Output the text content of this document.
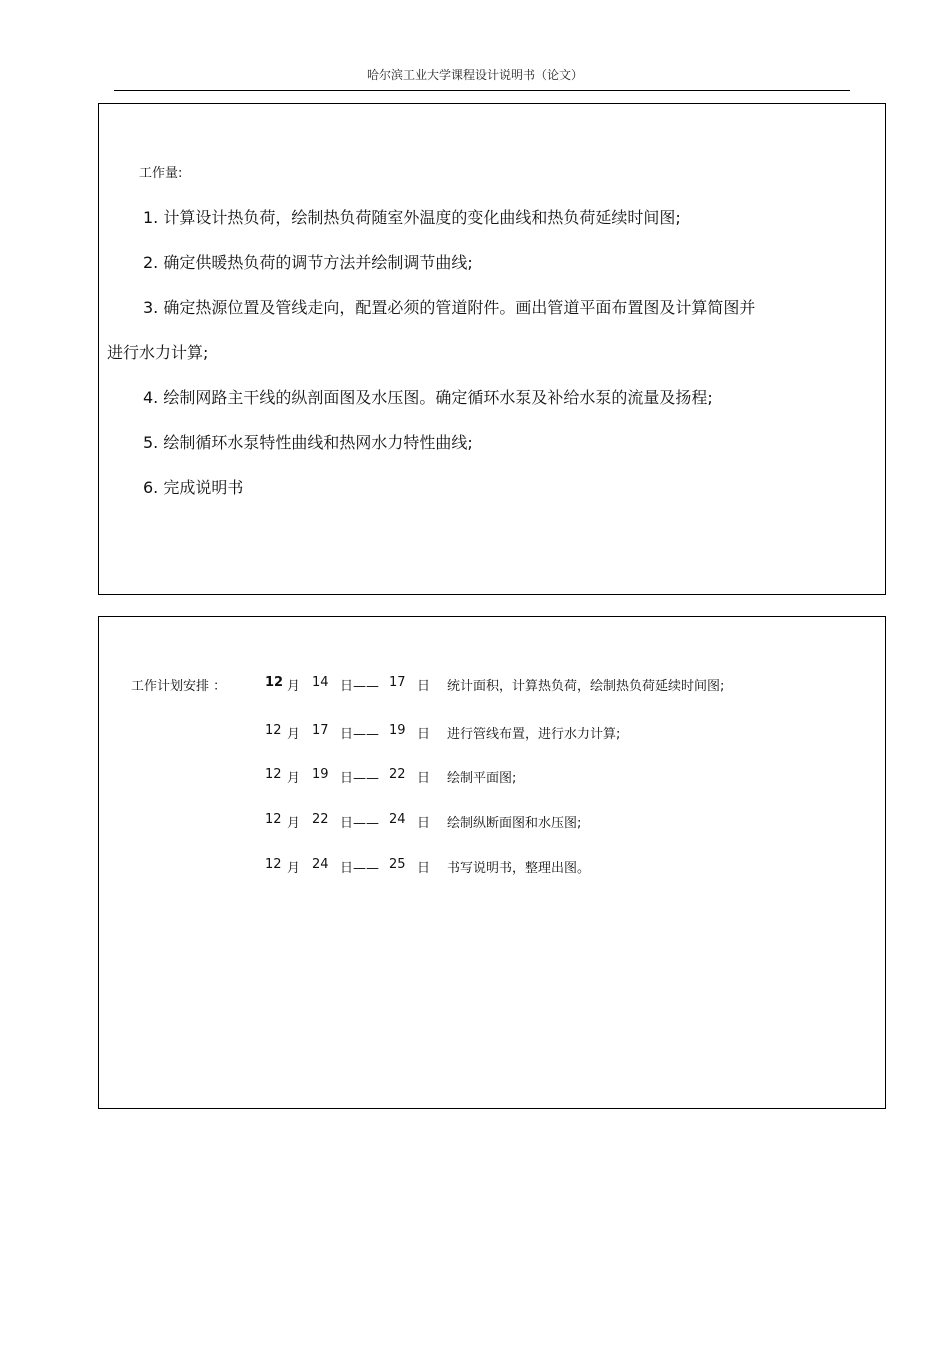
哈尔滨工业大学课程设计说明书（论文）
工作量:
1. 计算设计热负荷，绘制热负荷随室外温度的变化曲线和热负荷延续时间图;
2. 确定供暖热负荷的调节方法并绘制调节曲线;
3. 确定热源位置及管线走向，配置必须的管道附件。画出管道平面布置图及计算简图并
进行水力计算;
4. 绘制网路主干线的纵剖面图及水压图。确定循环水泵及补给水泵的流量及扬程;
5. 绘制循环水泵特性曲线和热网水力特性曲线;
6. 完成说明书
工作计划安排 ：	12 月 14 日—— 17 日 统计面积，计算热负荷，绘制热负荷延续时间图;
12 月 17 日—— 19 日 进行管线布置，进行水力计算;
12 月 19 日—— 22 日 绘制平面图;
12 月 22 日—— 24 日 绘制纵断面图和水压图;
12 月 24 日—— 25 日 书写说明书，整理出图。
